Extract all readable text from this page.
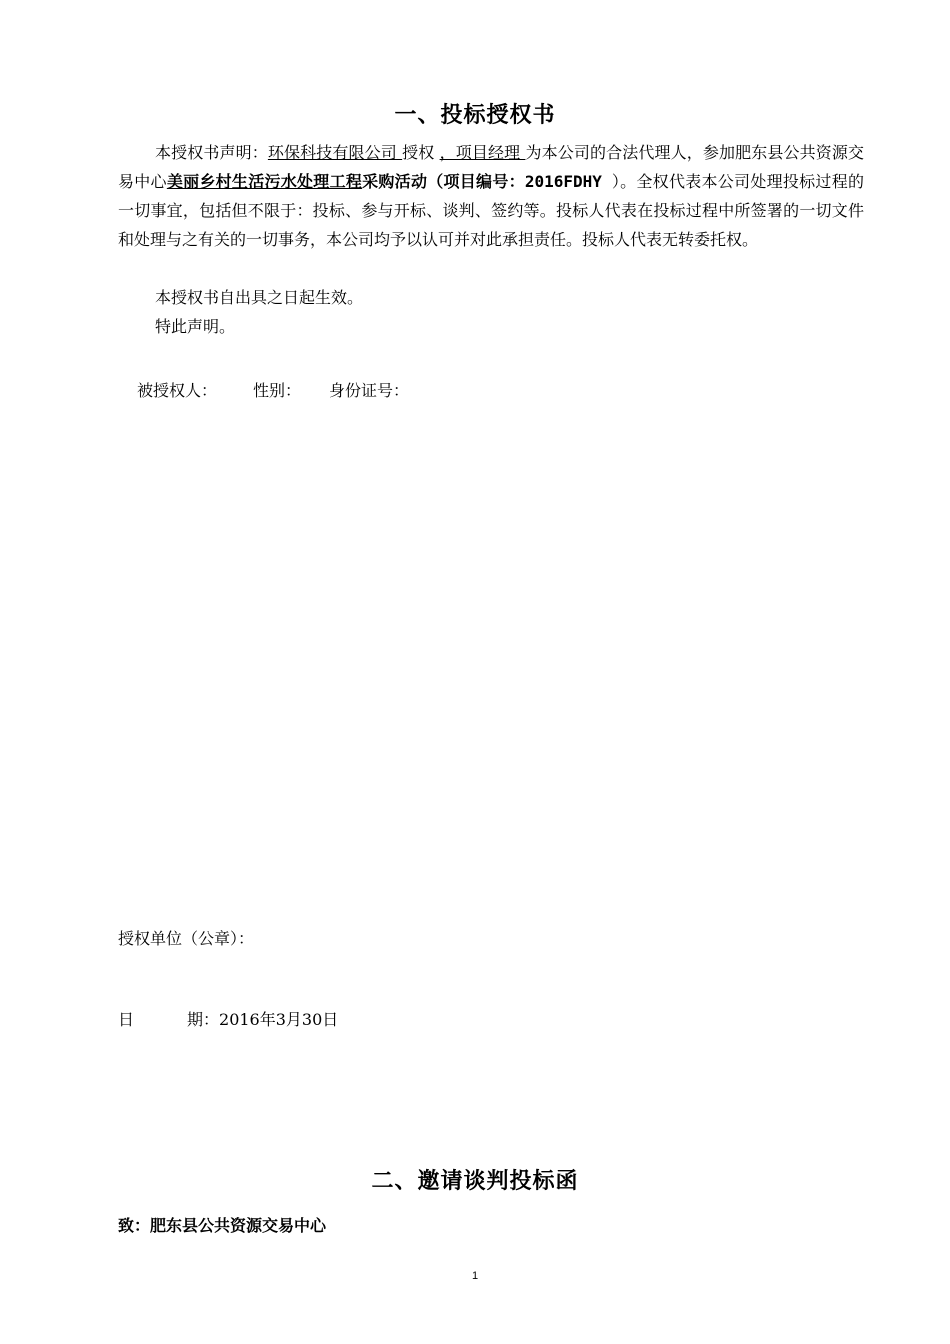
一、投标授权书
本授权书声明：环保科技有限公司 授权 ，项目经理 为本公司的合法代理人，参加肥东县公共资源交易中心美丽乡村生活污水处理工程采购活动（项目编号：2016FDHY ）。全权代表本公司处理投标过程的一切事宜，包括但不限于：投标、参与开标、谈判、签约等。投标人代表在投标过程中所签署的一切文件和处理与之有关的一切事务，本公司均予以认可并对此承担责任。投标人代表无转委托权。
本授权书自出具之日起生效。
特此声明。
被授权人： 性别： 身份证号：
授权单位（公章）：
日	期：2016年3月30日
二、邀请谈判投标函
致：肥东县公共资源交易中心
1
